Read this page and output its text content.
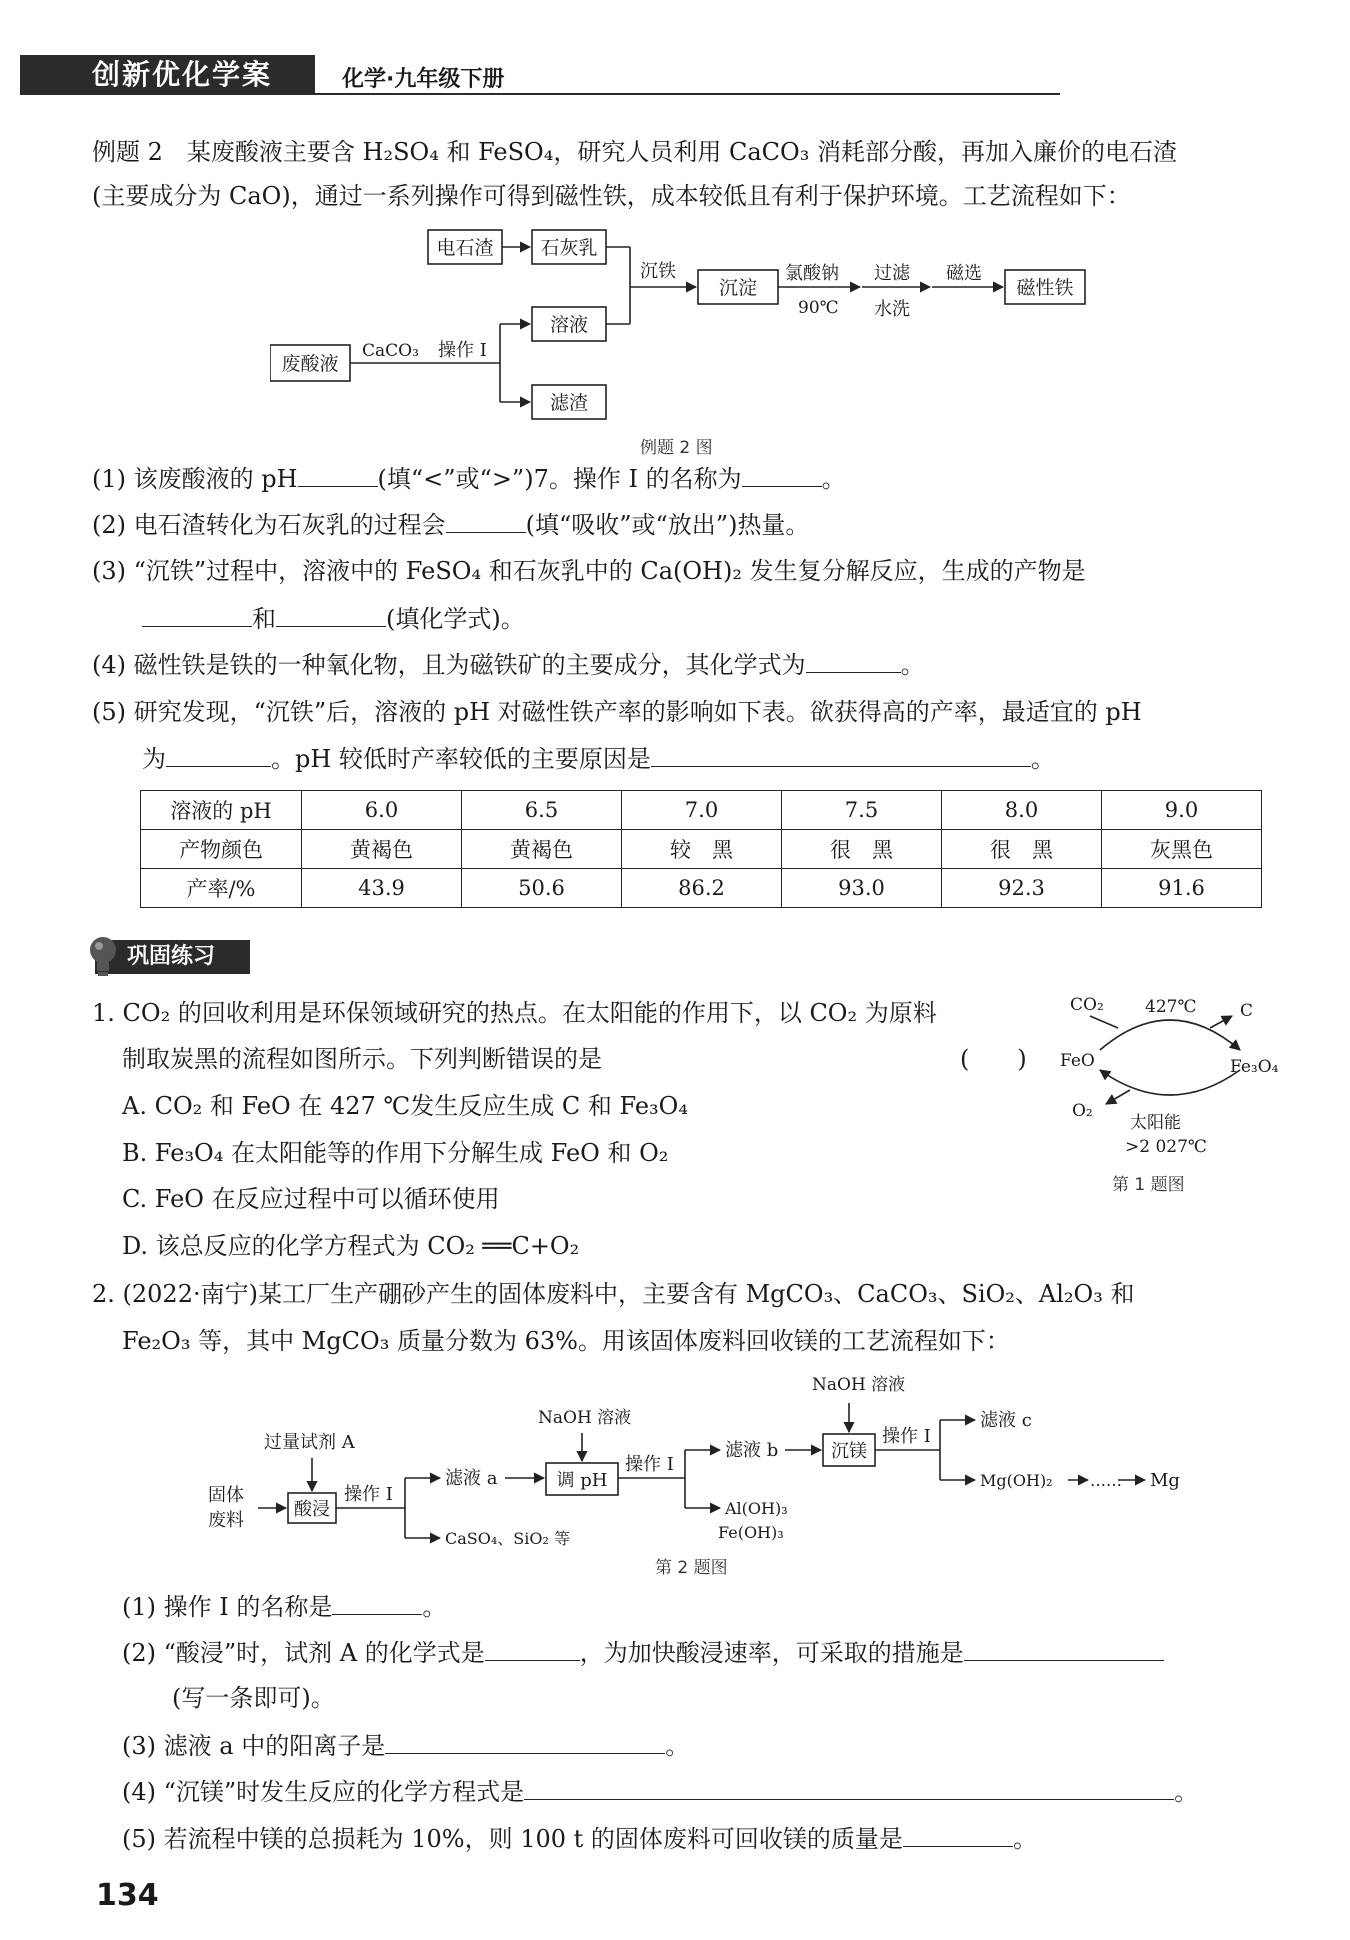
创新优化学案	化学·九年级下册
例题 2　某废酸液主要含 H₂SO₄ 和 FeSO₄，研究人员利用 CaCO₃ 消耗部分酸，再加入廉价的电石渣
(主要成分为 CaO)，通过一系列操作可得到磁性铁，成本较低且有利于保护环境。工艺流程如下：
电石渣 石灰乳
废酸液
溶液
滤渣
沉淀	磁性铁
CaCO₃ 操作 I
沉铁	氯酸钠
90℃
过滤
水洗
磁选
例题 2 图
(1) 该废酸液的 pH	(填“<”或“>”)7。操作 I 的名称为	。
(2) 电石渣转化为石灰乳的过程会	(填“吸收”或“放出”)热量。
(3) “沉铁”过程中，溶液中的 FeSO₄ 和石灰乳中的 Ca(OH)₂ 发生复分解反应，生成的产物是
和	(填化学式)。
(4) 磁性铁是铁的一种氧化物，且为磁铁矿的主要成分，其化学式为	。
(5) 研究发现，“沉铁”后，溶液的 pH 对磁性铁产率的影响如下表。欲获得高的产率，最适宜的 pH
为	。pH 较低时产率较低的主要原因是	。
溶液的 pH	6.0	6.5	7.0	7.5	8.0	9.0
产物颜色	黄褐色	黄褐色	较　黑	很　黑	很　黑	灰黑色
产率/%	43.9	50.6	86.2	93.0	92.3	91.6
巩固练习
1. CO₂ 的回收利用是环保领域研究的热点。在太阳能的作用下，以 CO₂ 为原料
制取炭黑的流程如图所示。下列判断错误的是	(　　)
A. CO₂ 和 FeO 在 427 ℃发生反应生成 C 和 Fe₃O₄
B. Fe₃O₄ 在太阳能等的作用下分解生成 FeO 和 O₂
C. FeO 在反应过程中可以循环使用
D. 该总反应的化学方程式为 CO₂ ══C+O₂
CO₂ 427℃	C
FeO	Fe₃O₄
O₂
太阳能
>2 027℃
第 1 题图
2. (2022·南宁)某工厂生产硼砂产生的固体废料中，主要含有 MgCO₃、CaCO₃、SiO₂、Al₂O₃ 和
Fe₂O₃ 等，其中 MgCO₃ 质量分数为 63%。用该固体废料回收镁的工艺流程如下：
固体
废料
过量试剂 A
酸浸
操作 I
滤液 a
CaSO₄、SiO₂ 等
NaOH 溶液
调 pH
操作 I
滤液 b
Al(OH)₃
Fe(OH)₃
NaOH 溶液
沉镁
操作 I
滤液 c
Mg(OH)₂ …… Mg
第 2 题图
(1) 操作 I 的名称是	。
(2) “酸浸”时，试剂 A 的化学式是	，为加快酸浸速率，可采取的措施是
(写一条即可)。
(3) 滤液 a 中的阳离子是	。
(4) “沉镁”时发生反应的化学方程式是	。
(5) 若流程中镁的总损耗为 10%，则 100 t 的固体废料可回收镁的质量是	。
134
